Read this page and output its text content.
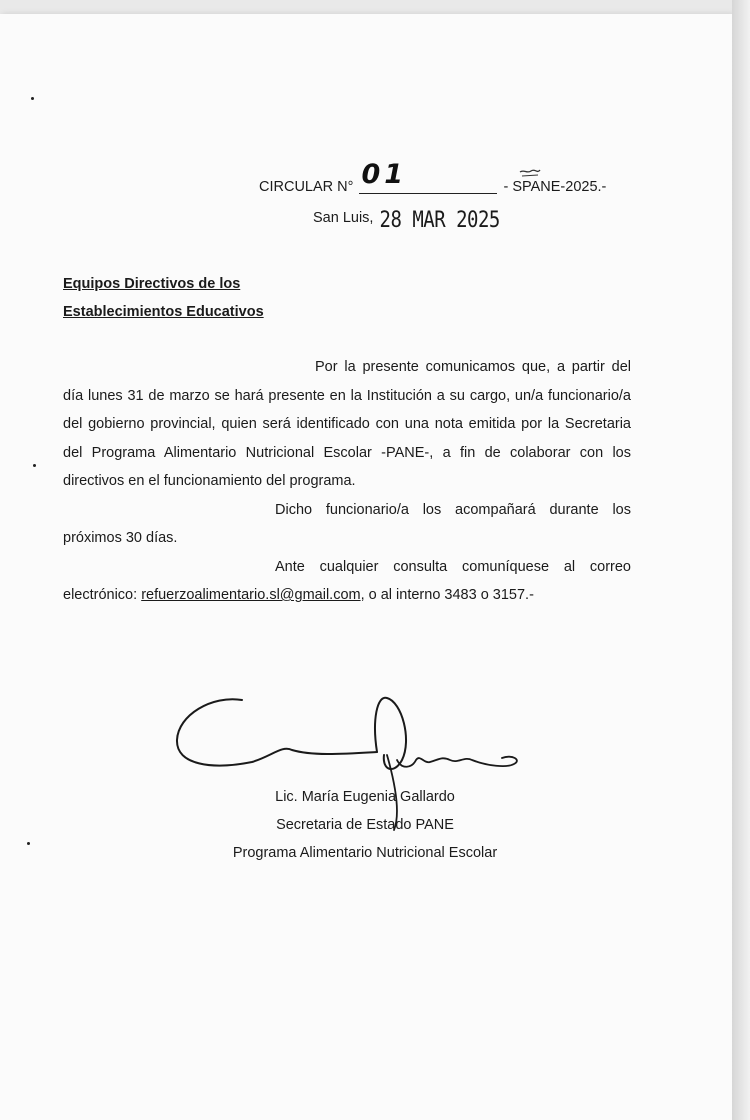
CIRCULAR N° 01	- SPANE-2025.-
San Luis, 28 MAR 2025
Equipos Directivos de los
Establecimientos Educativos

Por la presente comunicamos que, a partir del día lunes 31 de marzo se hará presente en la Institución a su cargo, un/a funcionario/a del gobierno provincial, quien será identificado con una nota emitida por la Secretaria del Programa Alimentario Nutricional Escolar -PANE-, a fin de colaborar con los directivos en el funcionamiento del programa.

Dicho funcionario/a los acompañará durante los próximos 30 días.

Ante cualquier consulta comuníquese al correo electrónico: refuerzoalimentario.sl@gmail.com, o al interno 3483 o 3157.-

Lic. María Eugenia Gallardo
Secretaria de Estado PANE
Programa Alimentario Nutricional Escolar
